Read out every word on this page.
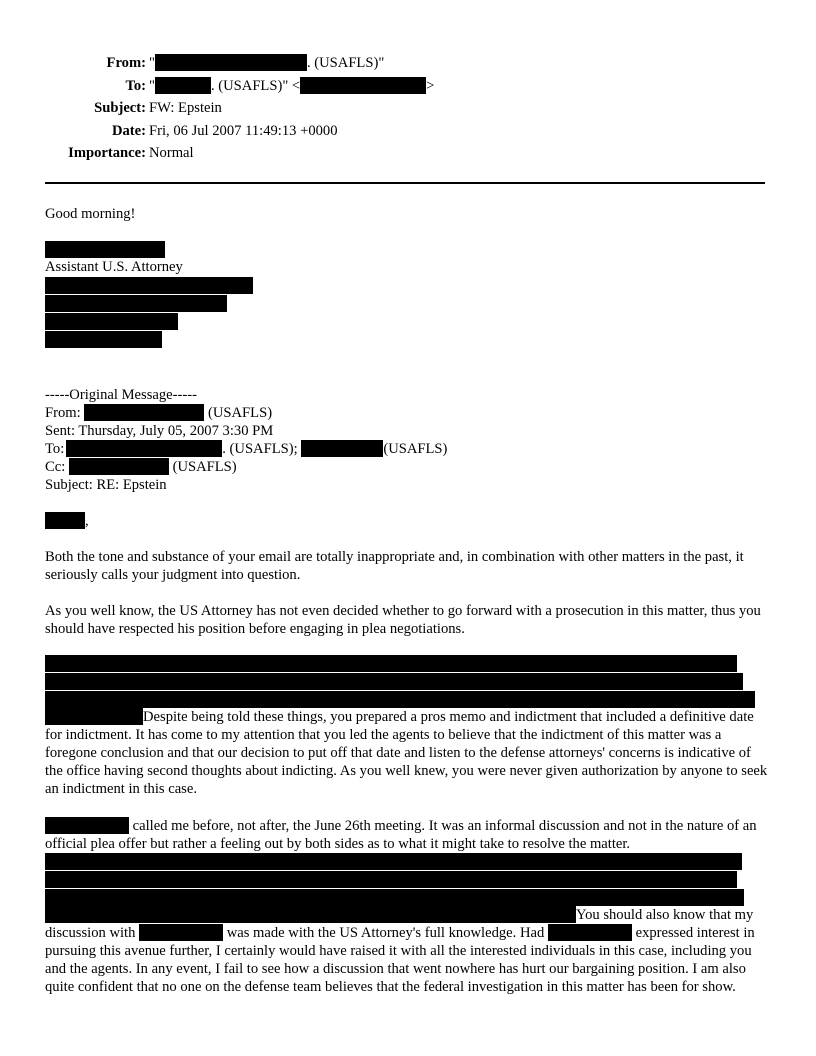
From: "	. (USAFLS)"
To: "	. (USAFLS)" <	>
Subject: FW: Epstein
Date: Fri, 06 Jul 2007 11:49:13 +0000
Importance: Normal
Good morning!

Assistant U.S. Attorney

-----Original Message-----

From:	(USAFLS)

Sent: Thursday, July 05, 2007 3:30 PM

To:	. (USAFLS);	(USAFLS)

Cc:	(USAFLS)

Subject: RE: Epstein

,

Both the tone and substance of your email are totally inappropriate and, in combination with other matters in the past, it seriously calls your judgment into question.

As you well know, the US Attorney has not even decided whether to go forward with a prosecution in this matter, thus you should have respected his position before engaging in plea negotiations.

Despite being told these things, you prepared a pros memo and indictment that included a definitive date for indictment. It has come to my attention that you led the agents to believe that the indictment of this matter was a foregone conclusion and that our decision to put off that date and listen to the defense attorneys' concerns is indicative of the office having second thoughts about indicting. As you well knew, you were never given authorization by anyone to seek an indictment in this case.

called me before, not after, the June 26th meeting. It was an informal discussion and not in the nature of an official plea offer but rather a feeling out by both sides as to what it might take to resolve the matter.

You should also know that my discussion with	was made with the US Attorney's full knowledge. Had	expressed interest in pursuing this avenue further, I certainly would have raised it with all the interested individuals in this case, including you and the agents. In any event, I fail to see how a discussion that went nowhere has hurt our bargaining position. I am also quite confident that no one on the defense team believes that the federal investigation in this matter has been for show.
